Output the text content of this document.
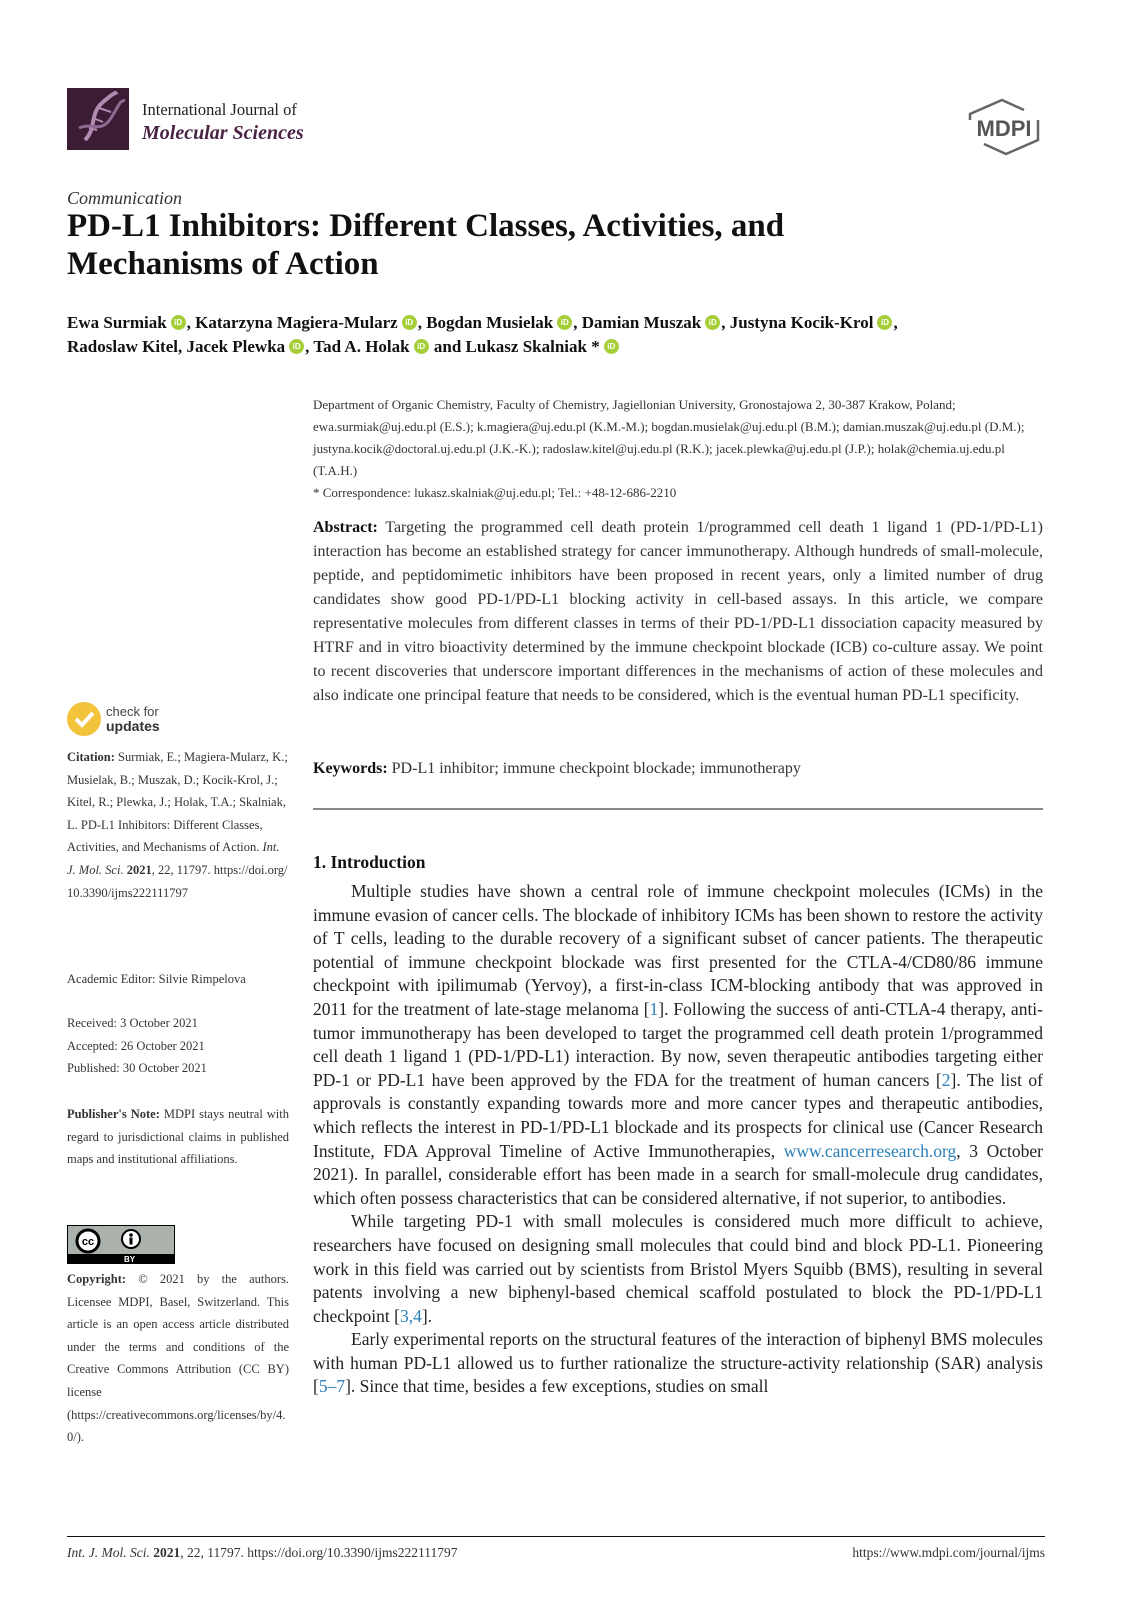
International Journal of
Molecular Sciences	MDPI
Communication
PD-L1 Inhibitors: Different Classes, Activities, and Mechanisms of Action
Ewa Surmiak iD , Katarzyna Magiera-Mularz iD , Bogdan Musielak iD , Damian Muszak iD , Justyna Kocik-Krol iD ,
Radoslaw Kitel, Jacek Plewka iD , Tad A. Holak iD and Lukasz Skalniak * iD
Department of Organic Chemistry, Faculty of Chemistry, Jagiellonian University, Gronostajowa 2, 30-387 Krakow, Poland; ewa.surmiak@uj.edu.pl (E.S.); k.magiera@uj.edu.pl (K.M.-M.); bogdan.musielak@uj.edu.pl (B.M.); damian.muszak@uj.edu.pl (D.M.); justyna.kocik@doctoral.uj.edu.pl (J.K.-K.); radoslaw.kitel@uj.edu.pl (R.K.); jacek.plewka@uj.edu.pl (J.P.); holak@chemia.uj.edu.pl (T.A.H.)
* Correspondence: lukasz.skalniak@uj.edu.pl; Tel.: +48-12-686-2210
Abstract: Targeting the programmed cell death protein 1/programmed cell death 1 ligand 1 (PD-1/PD-L1) interaction has become an established strategy for cancer immunotherapy. Although hundreds of small-molecule, peptide, and peptidomimetic inhibitors have been proposed in recent years, only a limited number of drug candidates show good PD-1/PD-L1 blocking activity in cell-based assays. In this article, we compare representative molecules from different classes in terms of their PD-1/PD-L1 dissociation capacity measured by HTRF and in vitro bioactivity determined by the immune checkpoint blockade (ICB) co-culture assay. We point to recent discoveries that underscore important differences in the mechanisms of action of these molecules and also indicate one principal feature that needs to be considered, which is the eventual human PD-L1 specificity.
Keywords: PD-L1 inhibitor; immune checkpoint blockade; immunotherapy
1. Introduction

Multiple studies have shown a central role of immune checkpoint molecules (ICMs) in the immune evasion of cancer cells. The blockade of inhibitory ICMs has been shown to restore the activity of T cells, leading to the durable recovery of a significant subset of cancer patients. The therapeutic potential of immune checkpoint blockade was first presented for the CTLA-4/CD80/86 immune checkpoint with ipilimumab (Yervoy), a first-in-class ICM-blocking antibody that was approved in 2011 for the treatment of late-stage melanoma [1]. Following the success of anti-CTLA-4 therapy, anti-tumor immunotherapy has been developed to target the programmed cell death protein 1/programmed cell death 1 ligand 1 (PD-1/PD-L1) interaction. By now, seven therapeutic antibodies targeting either PD-1 or PD-L1 have been approved by the FDA for the treatment of human cancers [2]. The list of approvals is constantly expanding towards more and more cancer types and therapeutic antibodies, which reflects the interest in PD-1/PD-L1 blockade and its prospects for clinical use (Cancer Research Institute, FDA Approval Timeline of Active Immunotherapies, www.cancerresearch.org, 3 October 2021). In parallel, considerable effort has been made in a search for small-molecule drug candidates, which often possess characteristics that can be considered alternative, if not superior, to antibodies.

While targeting PD-1 with small molecules is considered much more difficult to achieve, researchers have focused on designing small molecules that could bind and block PD-L1. Pioneering work in this field was carried out by scientists from Bristol Myers Squibb (BMS), resulting in several patents involving a new biphenyl-based chemical scaffold postulated to block the PD-1/PD-L1 checkpoint [3,4].

Early experimental reports on the structural features of the interaction of biphenyl BMS molecules with human PD-L1 allowed us to further rationalize the structure-activity relationship (SAR) analysis [5–7]. Since that time, besides a few exceptions, studies on small

check for
updates
Citation: Surmiak, E.; Magiera-Mularz, K.; Musielak, B.; Muszak, D.; Kocik-Krol, J.; Kitel, R.; Plewka, J.; Holak, T.A.; Skalniak, L. PD-L1 Inhibitors: Different Classes, Activities, and Mechanisms of Action. Int. J. Mol. Sci. 2021, 22, 11797. https://doi.org/10.3390/ijms222111797
Academic Editor: Silvie Rimpelova
Received: 3 October 2021
Accepted: 26 October 2021
Published: 30 October 2021
Publisher's Note: MDPI stays neutral with regard to jurisdictional claims in published maps and institutional affiliations.
cc
BY
Copyright: © 2021 by the authors. Licensee MDPI, Basel, Switzerland. This article is an open access article distributed under the terms and conditions of the Creative Commons Attribution (CC BY) license (https://creativecommons.org/licenses/by/4.0/).
Int. J. Mol. Sci. 2021, 22, 11797. https://doi.org/10.3390/ijms222111797	https://www.mdpi.com/journal/ijms
